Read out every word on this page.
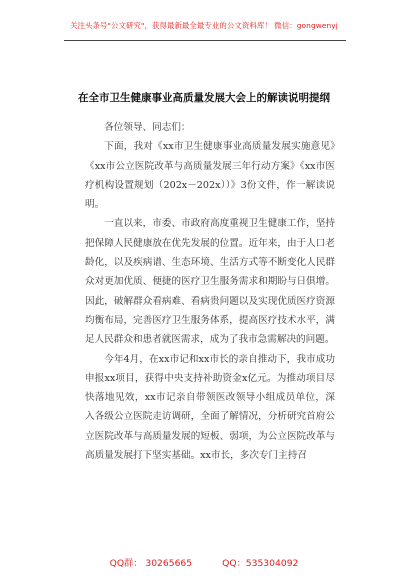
关注头条号"公文研究"，获得最新最全最专业的公文资料库！ 微信：gongwenyj
在全市卫生健康事业高质量发展大会上的解读说明提纲

各位领导、同志们：

下面，我对《xx市卫生健康事业高质量发展实施意见》《xx市公立医院改革与高质量发展三年行动方案》《xx市医疗机构设置规划（202x－202x））》3份文件，作一解读说明。

一直以来，市委、市政府高度重视卫生健康工作，坚持把保障人民健康放在优先发展的位置。近年来，由于人口老龄化，以及疾病谱、生态环境、生活方式等不断变化人民群众对更加优质、便捷的医疗卫生服务需求和期盼与日俱增。因此，破解群众看病难、看病贵问题以及实现优质医疗资源均衡布局，完善医疗卫生服务体系，提高医疗技术水平，满足人民群众和患者就医需求，成为了我市急需解决的问题。

今年4月，在xx市记和xx市长的亲自推动下，我市成功申报xx项目，获得中央支持补助资金x亿元。为推动项目尽快落地见效，xx市记亲自带领医改领导小组成员单位，深入各级公立医院走访调研，全面了解情况，分析研究首府公立医院改革与高质量发展的短板、弱项，为公立医院改革与高质量发展打下坚实基础。xx市长，多次专门主持召

QQ群： 30265665	QQ：535304092
